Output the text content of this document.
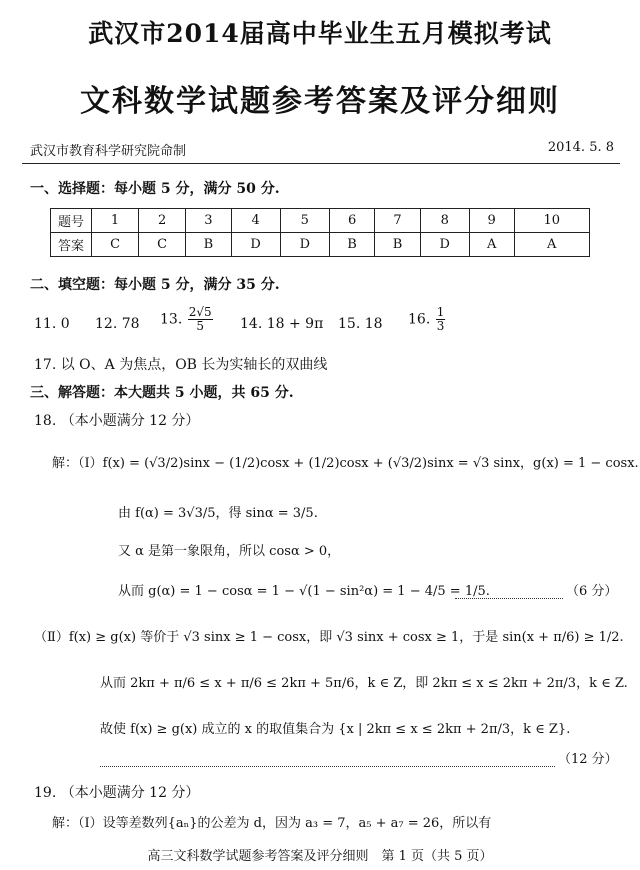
武汉市2014届高中毕业生五月模拟考试
文科数学试题参考答案及评分细则
武汉市教育科学研究院命制	2014. 5. 8
一、选择题：每小题 5 分，满分 50 分.
题号	1	2	3	4	5	6	7	8	9	10
答案	C	C	B	D	D	B	B	D	A	A
二、填空题：每小题 5 分，满分 35 分.
11. 0 12. 78 13. $\frac{2√5}{5} 14$. 18 + 9π 15. 18 16. $\frac{1}{3}$
17. 以 O、A 为焦点，OB 长为实轴长的双曲线
三、解答题：本大题共 5 小题，共 65 分.
18. （本小题满分 12 分）
解：（Ⅰ）f(x) = (√3/2)sinx − (1/2)cosx + (1/2)cosx + (√3/2)sinx = √3 sinx，g(x) = 1 − cosx.
由 f(α) = 3√3/5，得 sinα = 3/5.
又 α 是第一象限角，所以 cosα > 0，
从而 g(α) = 1 − cosα = 1 − √(1 − sin²α) = 1 − 4/5 = 1/5.	（6 分）
（Ⅱ）f(x) ≥ g(x) 等价于 √3 sinx ≥ 1 − cosx，即 √3 sinx + cosx ≥ 1，于是 sin(x + π/6) ≥ 1/2.
从而 2kπ + π/6 ≤ x + π/6 ≤ 2kπ + 5π/6，k ∈ Z，即 2kπ ≤ x ≤ 2kπ + 2π/3，k ∈ Z.
故使 f(x) ≥ g(x) 成立的 x 的取值集合为 {x | 2kπ ≤ x ≤ 2kπ + 2π/3，k ∈ Z}.
（12 分）
19. （本小题满分 12 分）
解：（Ⅰ）设等差数列{aₙ}的公差为 d，因为 a₃ = 7，a₅ + a₇ = 26，所以有
高三文科数学试题参考答案及评分细则　第 1 页（共 5 页）
